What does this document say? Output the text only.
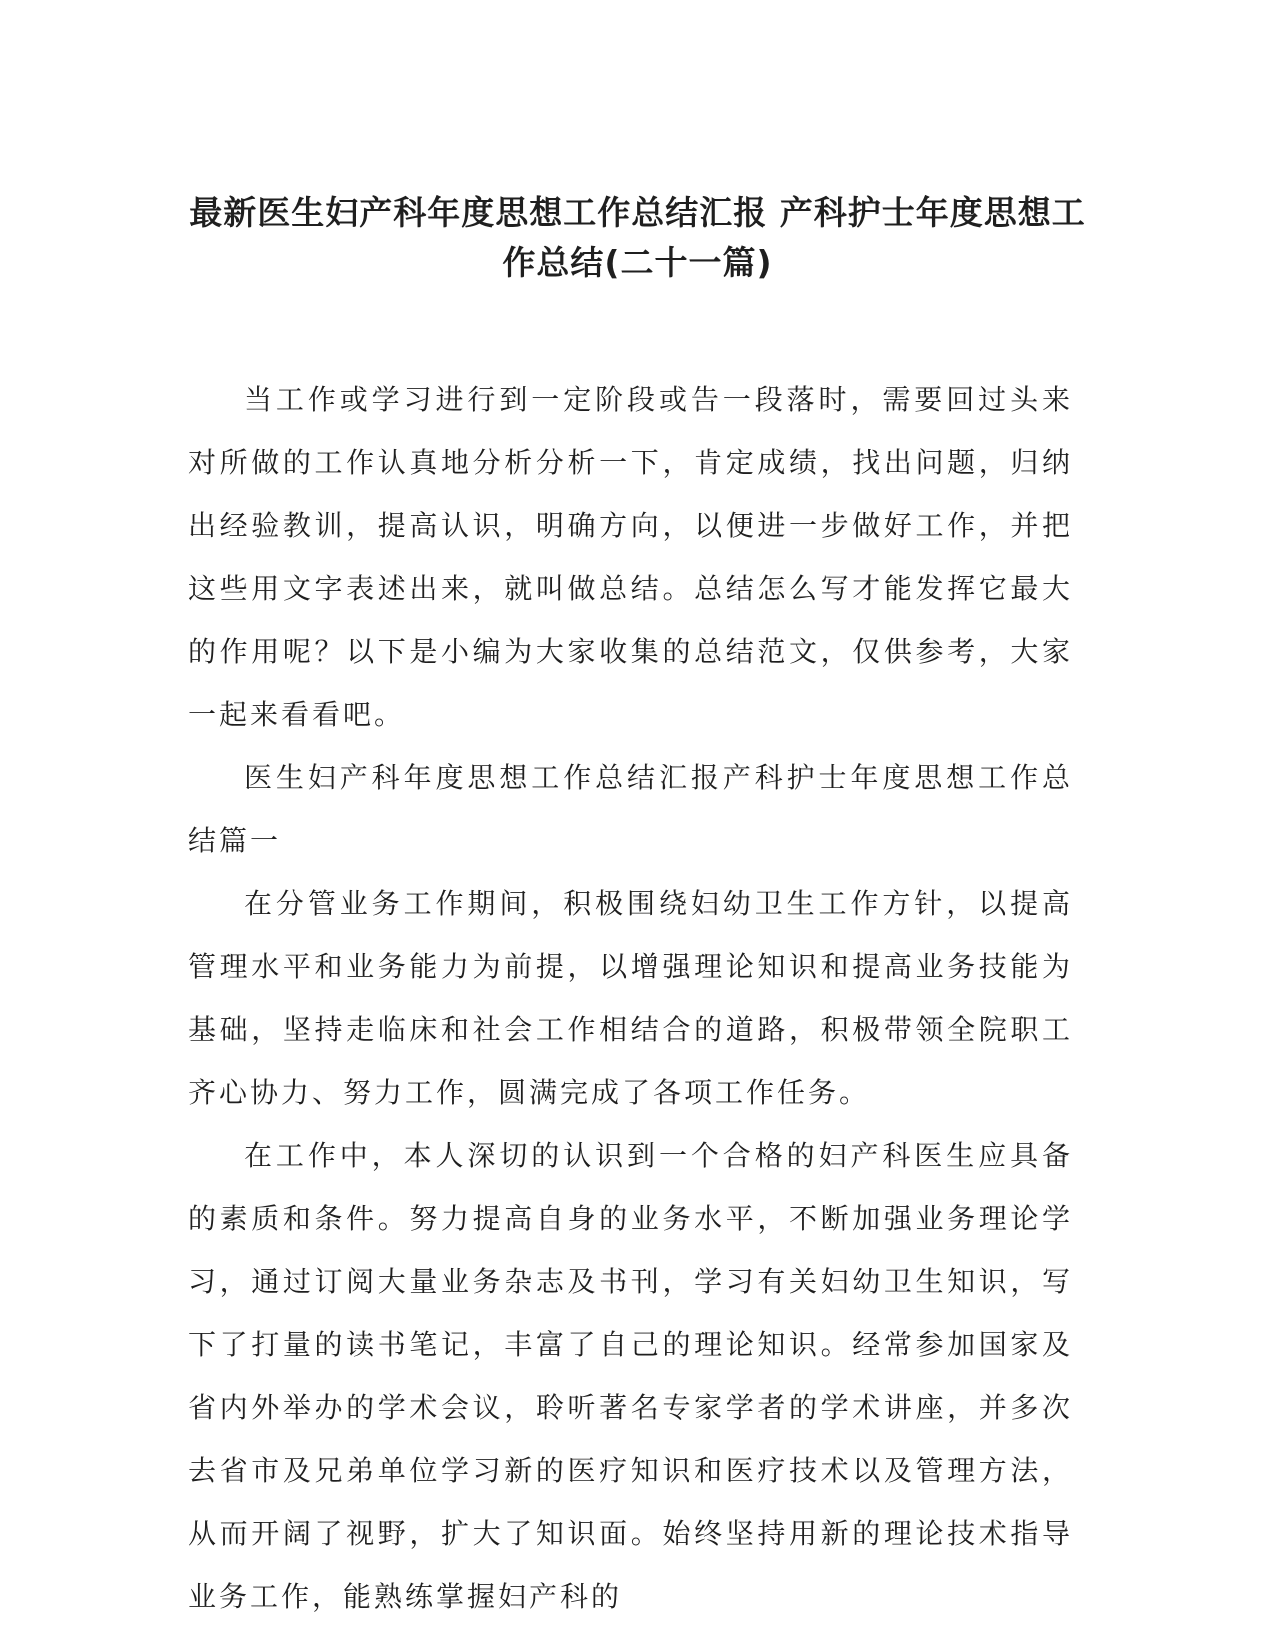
最新医生妇产科年度思想工作总结汇报 产科护士年度思想工作总结(二十一篇)

当工作或学习进行到一定阶段或告一段落时，需要回过头来对所做的工作认真地分析分析一下，肯定成绩，找出问题，归纳出经验教训，提高认识，明确方向，以便进一步做好工作，并把这些用文字表述出来，就叫做总结。总结怎么写才能发挥它最大的作用呢？以下是小编为大家收集的总结范文，仅供参考，大家一起来看看吧。

医生妇产科年度思想工作总结汇报产科护士年度思想工作总结篇一

在分管业务工作期间，积极围绕妇幼卫生工作方针，以提高管理水平和业务能力为前提，以增强理论知识和提高业务技能为基础，坚持走临床和社会工作相结合的道路，积极带领全院职工齐心协力、努力工作，圆满完成了各项工作任务。

在工作中，本人深切的认识到一个合格的妇产科医生应具备的素质和条件。努力提高自身的业务水平，不断加强业务理论学习，通过订阅大量业务杂志及书刊，学习有关妇幼卫生知识，写下了打量的读书笔记，丰富了自己的理论知识。经常参加国家及省内外举办的学术会议，聆听著名专家学者的学术讲座，并多次去省市及兄弟单位学习新的医疗知识和医疗技术以及管理方法，从而开阔了视野，扩大了知识面。始终坚持用新的理论技术指导业务工作，能熟练掌握妇产科的
